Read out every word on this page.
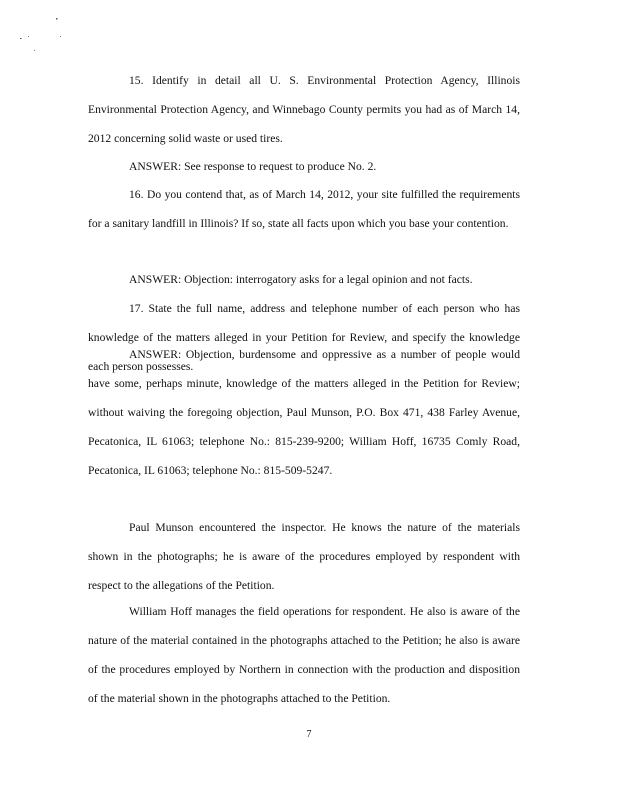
15. Identify in detail all U. S. Environmental Protection Agency, Illinois Environmental Protection Agency, and Winnebago County permits you had as of March 14, 2012 concerning solid waste or used tires.

ANSWER: See response to request to produce No. 2.

16. Do you contend that, as of March 14, 2012, your site fulfilled the requirements for a sanitary landfill in Illinois? If so, state all facts upon which you base your contention.

ANSWER: Objection: interrogatory asks for a legal opinion and not facts.

17. State the full name, address and telephone number of each person who has knowledge of the matters alleged in your Petition for Review, and specify the knowledge each person possesses.

ANSWER: Objection, burdensome and oppressive as a number of people would have some, perhaps minute, knowledge of the matters alleged in the Petition for Review; without waiving the foregoing objection, Paul Munson, P.O. Box 471, 438 Farley Avenue, Pecatonica, IL 61063; telephone No.: 815-239-9200; William Hoff, 16735 Comly Road, Pecatonica, IL 61063; telephone No.: 815-509-5247.

Paul Munson encountered the inspector. He knows the nature of the materials shown in the photographs; he is aware of the procedures employed by respondent with respect to the allegations of the Petition.

William Hoff manages the field operations for respondent. He also is aware of the nature of the material contained in the photographs attached to the Petition; he also is aware of the procedures employed by Northern in connection with the production and disposition of the material shown in the photographs attached to the Petition.

7
